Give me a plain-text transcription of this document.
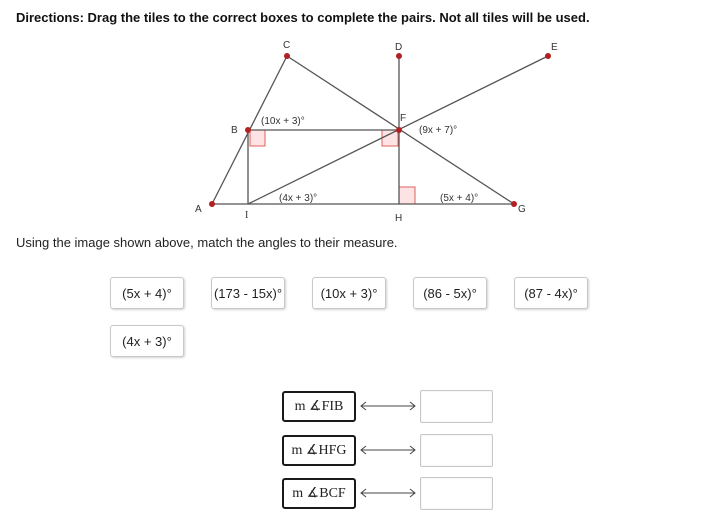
Directions: Drag the tiles to the correct boxes to complete the pairs. Not all tiles will be used.
A
B
C	D	E
F
G
H
I
(10x + 3)°
(9x + 7)°
(4x + 3)°	(5x + 4)°
Using the image shown above, match the angles to their measure.
(5x + 4)°	(173 - 15x)°	(10x + 3)°	(86 - 5x)°	(87 - 4x)°
(4x + 3)°
m ∡FIB
m ∡HFG
m ∡BCF
